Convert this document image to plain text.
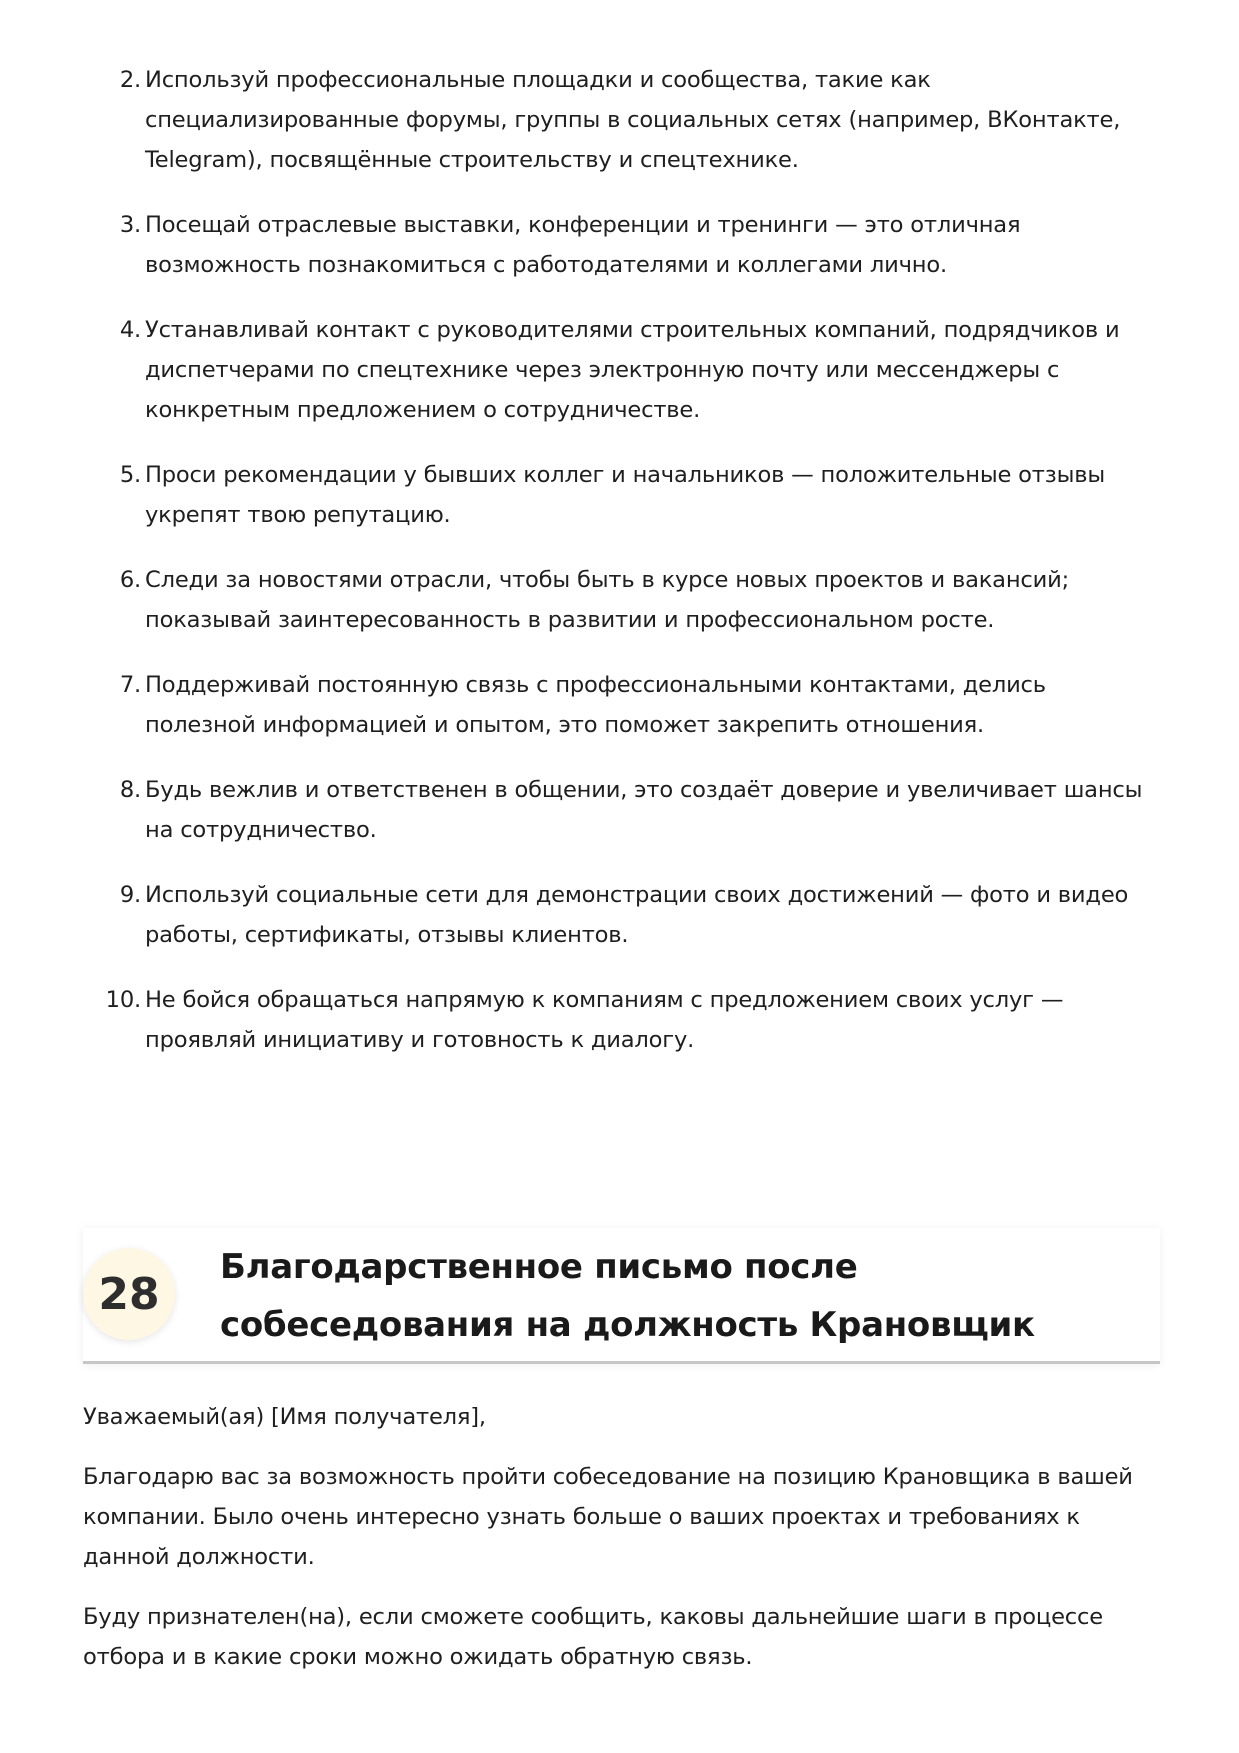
2. Используй профессиональные площадки и сообщества, такие как специализированные форумы, группы в социальных сетях (например, ВКонтакте, Telegram), посвящённые строительству и спецтехнике.
3. Посещай отраслевые выставки, конференции и тренинги — это отличная возможность познакомиться с работодателями и коллегами лично.
4. Устанавливай контакт с руководителями строительных компаний, подрядчиков и диспетчерами по спецтехнике через электронную почту или мессенджеры с конкретным предложением о сотрудничестве.
5. Проси рекомендации у бывших коллег и начальников — положительные отзывы укрепят твою репутацию.
6. Следи за новостями отрасли, чтобы быть в курсе новых проектов и вакансий; показывай заинтересованность в развитии и профессиональном росте.
7. Поддерживай постоянную связь с профессиональными контактами, делись полезной информацией и опытом, это поможет закрепить отношения.
8. Будь вежлив и ответственен в общении, это создаёт доверие и увеличивает шансы на сотрудничество.
9. Используй социальные сети для демонстрации своих достижений — фото и видео работы, сертификаты, отзывы клиентов.
10. Не бойся обращаться напрямую к компаниям с предложением своих услуг — проявляй инициативу и готовность к диалогу.
28
Благодарственное письмо после собеседования на должность Крановщик

Уважаемый(ая) [Имя получателя],

Благодарю вас за возможность пройти собеседование на позицию Крановщика в вашей компании. Было очень интересно узнать больше о ваших проектах и требованиях к данной должности.

Буду признателен(на), если сможете сообщить, каковы дальнейшие шаги в процессе отбора и в какие сроки можно ожидать обратную связь.
